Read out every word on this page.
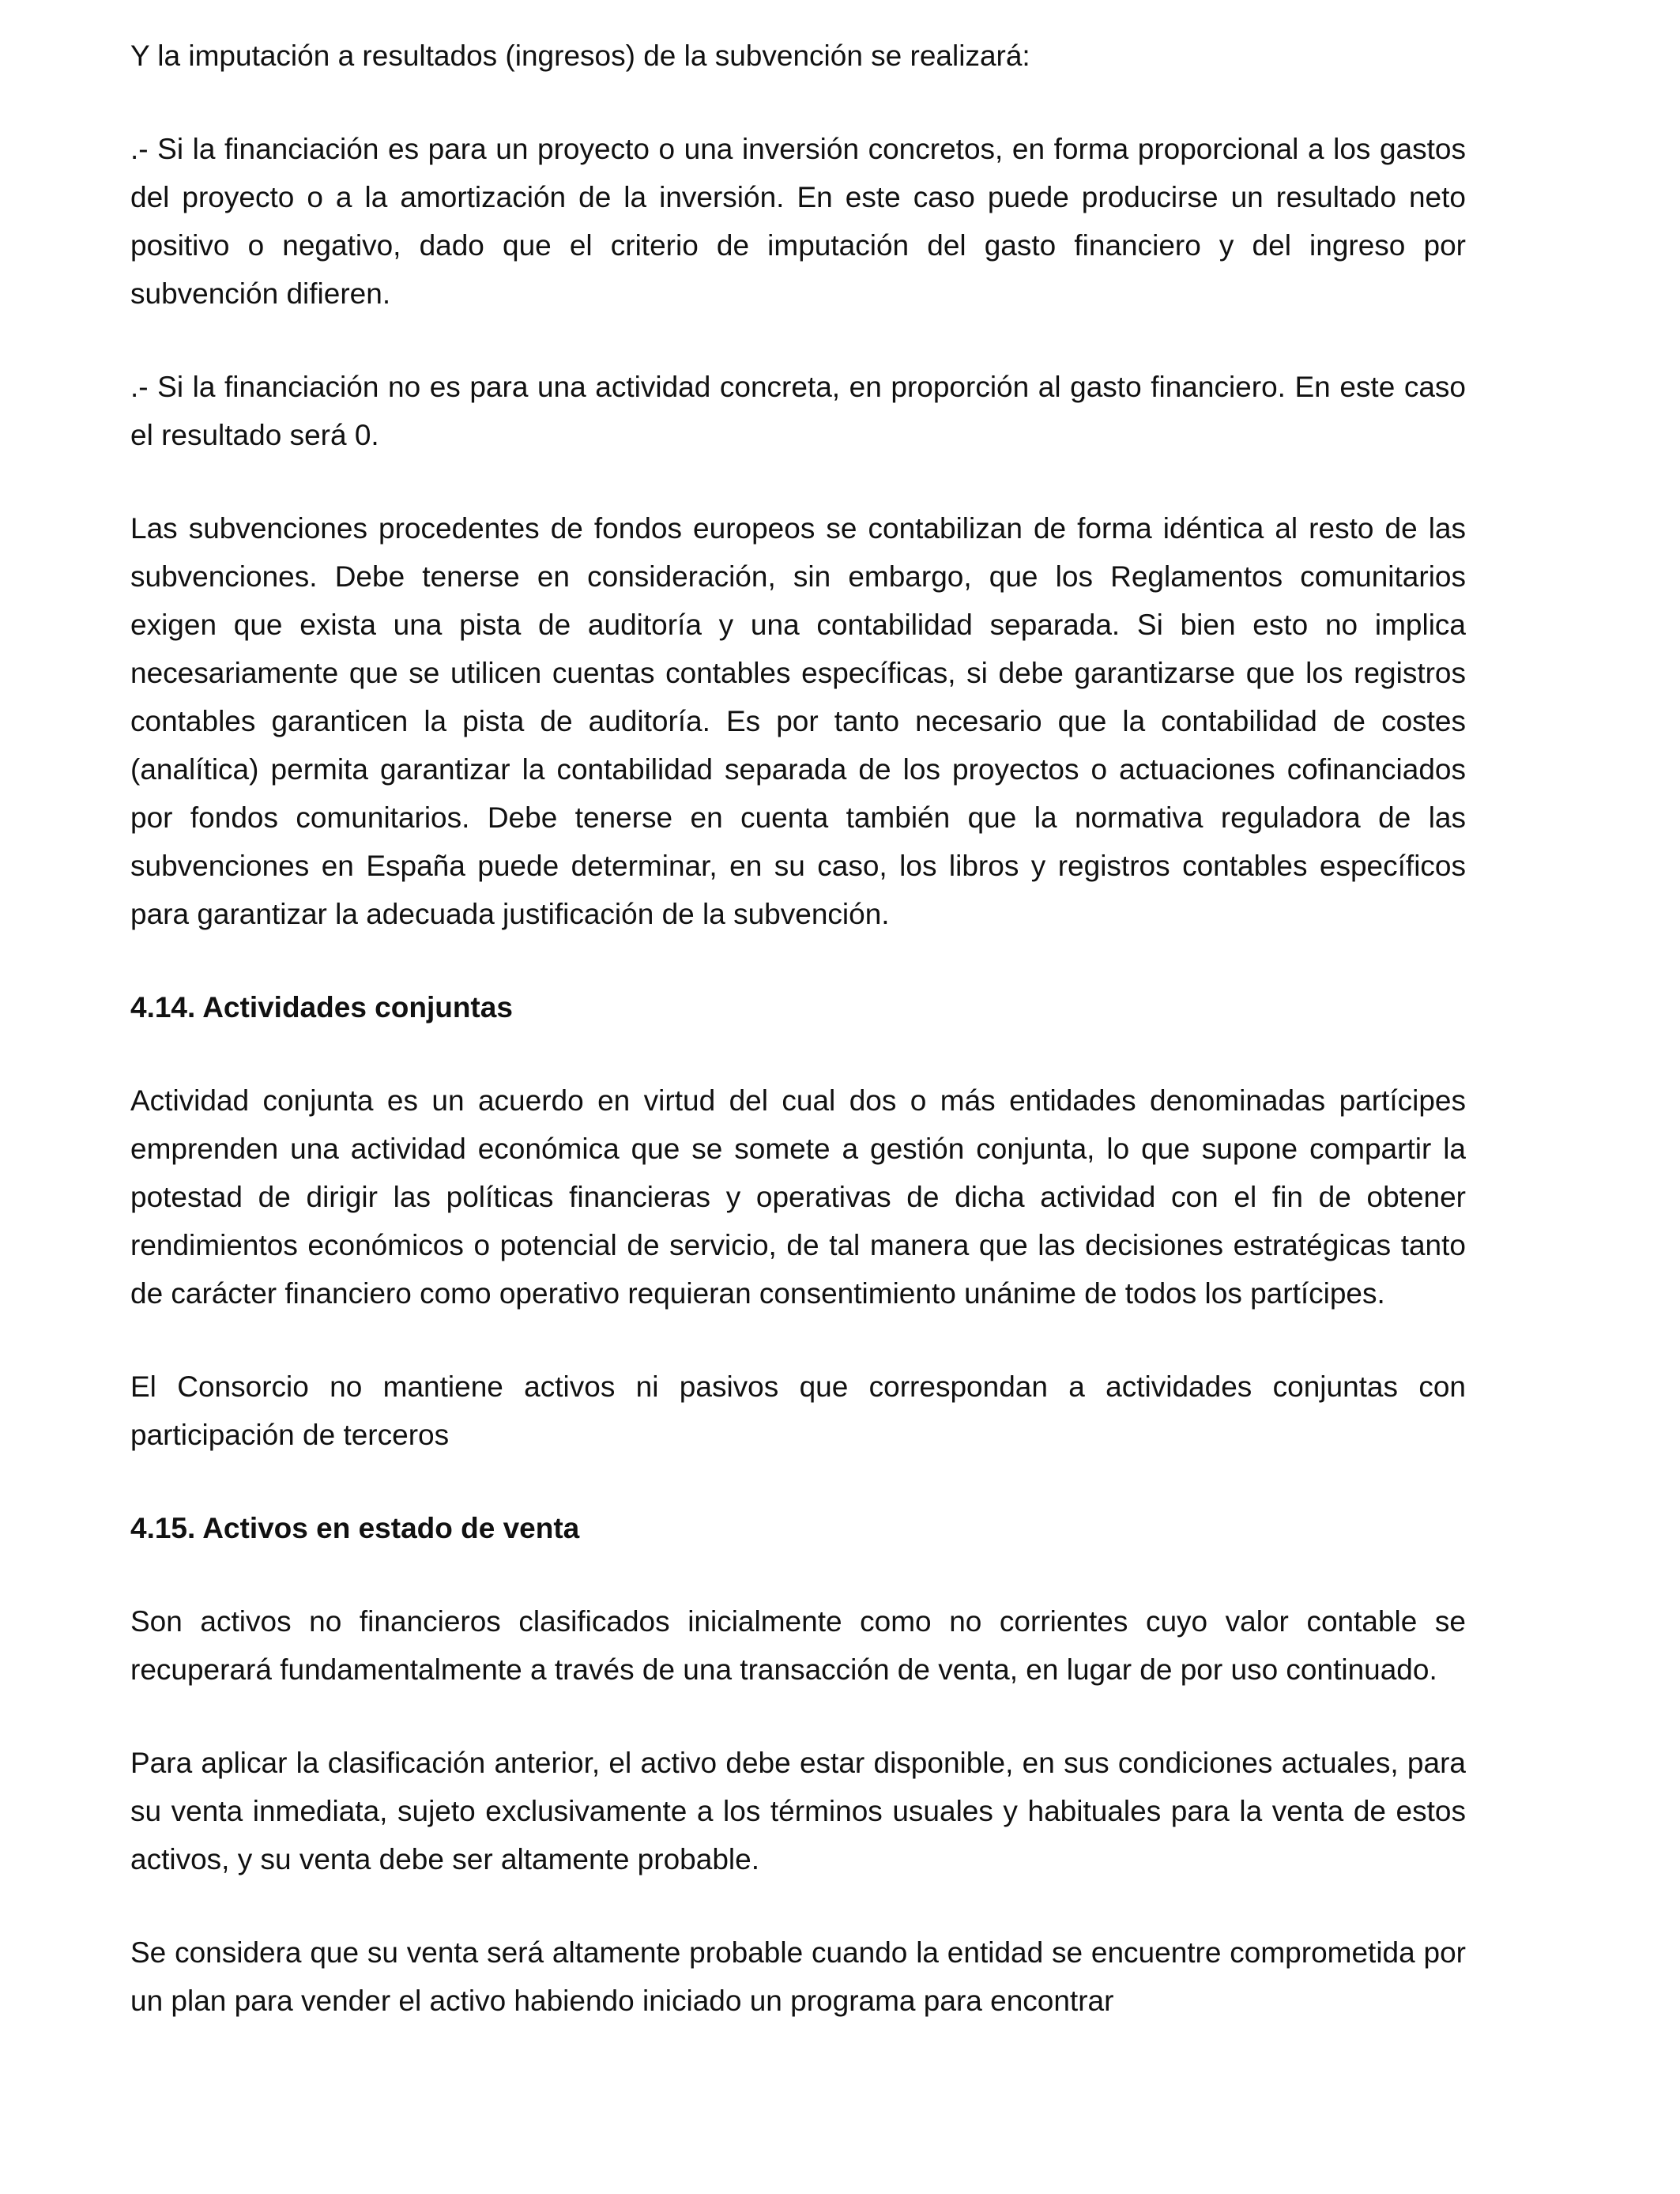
Y la imputación a resultados (ingresos) de la subvención se realizará:

.- Si la financiación es para un proyecto o una inversión concretos, en forma proporcional a los gastos del proyecto o a la amortización de la inversión. En este caso puede producirse un resultado neto positivo o negativo, dado que el criterio de imputación del gasto financiero y del ingreso por subvención difieren.

.- Si la financiación no es para una actividad concreta, en proporción al gasto financiero. En este caso el resultado será 0.

Las subvenciones procedentes de fondos europeos se contabilizan de forma idéntica al resto de las subvenciones. Debe tenerse en consideración, sin embargo, que los Reglamentos comunitarios exigen que exista una pista de auditoría y una contabilidad separada. Si bien esto no implica necesariamente que se utilicen cuentas contables específicas, si debe garantizarse que los registros contables garanticen la pista de auditoría. Es por tanto necesario que la contabilidad de costes (analítica) permita garantizar la contabilidad separada de los proyectos o actuaciones cofinanciados por fondos comunitarios. Debe tenerse en cuenta también que la normativa reguladora de las subvenciones en España puede determinar, en su caso, los libros y registros contables específicos para garantizar la adecuada justificación de la subvención.

4.14. Actividades conjuntas

Actividad conjunta es un acuerdo en virtud del cual dos o más entidades denominadas partícipes emprenden una actividad económica que se somete a gestión conjunta, lo que supone compartir la potestad de dirigir las políticas financieras y operativas de dicha actividad con el fin de obtener rendimientos económicos o potencial de servicio, de tal manera que las decisiones estratégicas tanto de carácter financiero como operativo requieran consentimiento unánime de todos los partícipes.

El Consorcio no mantiene activos ni pasivos que correspondan a actividades conjuntas con participación de terceros

4.15. Activos en estado de venta

Son activos no financieros clasificados inicialmente como no corrientes cuyo valor contable se recuperará fundamentalmente a través de una transacción de venta, en lugar de por uso continuado.

Para aplicar la clasificación anterior, el activo debe estar disponible, en sus condiciones actuales, para su venta inmediata, sujeto exclusivamente a los términos usuales y habituales para la venta de estos activos, y su venta debe ser altamente probable.

Se considera que su venta será altamente probable cuando la entidad se encuentre comprometida por un plan para vender el activo habiendo iniciado un programa para encontrar
